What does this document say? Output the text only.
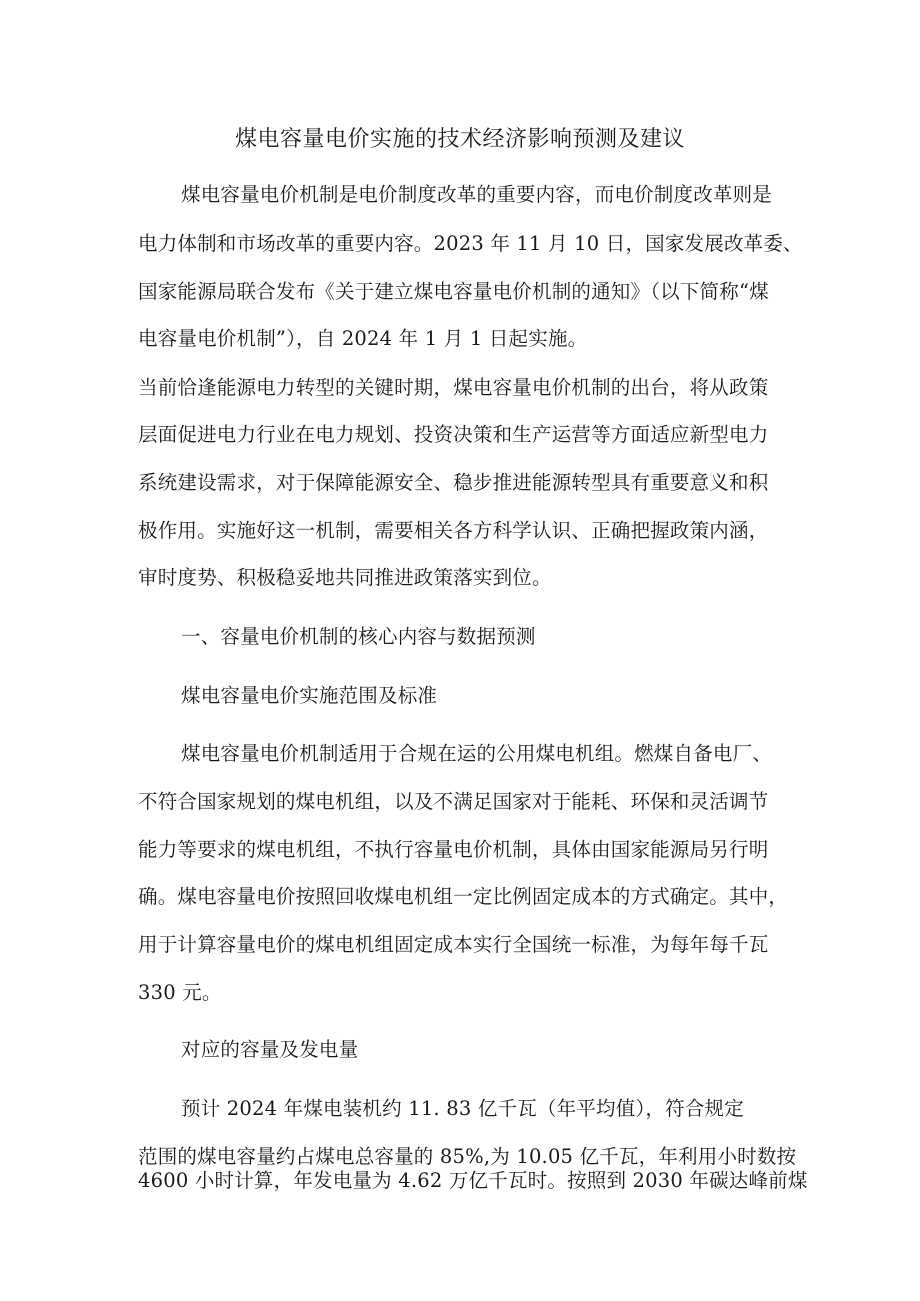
煤电容量电价实施的技术经济影响预测及建议
煤电容量电价机制是电价制度改革的重要内容，而电价制度改革则是
电力体制和市场改革的重要内容。2023 年 11 月 10 日，国家发展改革委、
国家能源局联合发布《关于建立煤电容量电价机制的通知》（以下简称“煤
电容量电价机制”），自 2024 年 1 月 1 日起实施。
当前恰逢能源电力转型的关键时期，煤电容量电价机制的出台，将从政策
层面促进电力行业在电力规划、投资决策和生产运营等方面适应新型电力
系统建设需求，对于保障能源安全、稳步推进能源转型具有重要意义和积
极作用。实施好这一机制，需要相关各方科学认识、正确把握政策内涵，
审时度势、积极稳妥地共同推进政策落实到位。
一、容量电价机制的核心内容与数据预测
煤电容量电价实施范围及标准
煤电容量电价机制适用于合规在运的公用煤电机组。燃煤自备电厂、
不符合国家规划的煤电机组，以及不满足国家对于能耗、环保和灵活调节
能力等要求的煤电机组，不执行容量电价机制，具体由国家能源局另行明
确。煤电容量电价按照回收煤电机组一定比例固定成本的方式确定。其中，
用于计算容量电价的煤电机组固定成本实行全国统一标准，为每年每千瓦
330 元。
对应的容量及发电量
预计 2024 年煤电装机约 11. 83 亿千瓦（年平均值），符合规定
范围的煤电容量约占煤电总容量的 85%,为 10.05 亿千瓦，年利用小时数按
4600 小时计算，年发电量为 4.62 万亿千瓦时。按照到 2030 年碳达峰前煤
